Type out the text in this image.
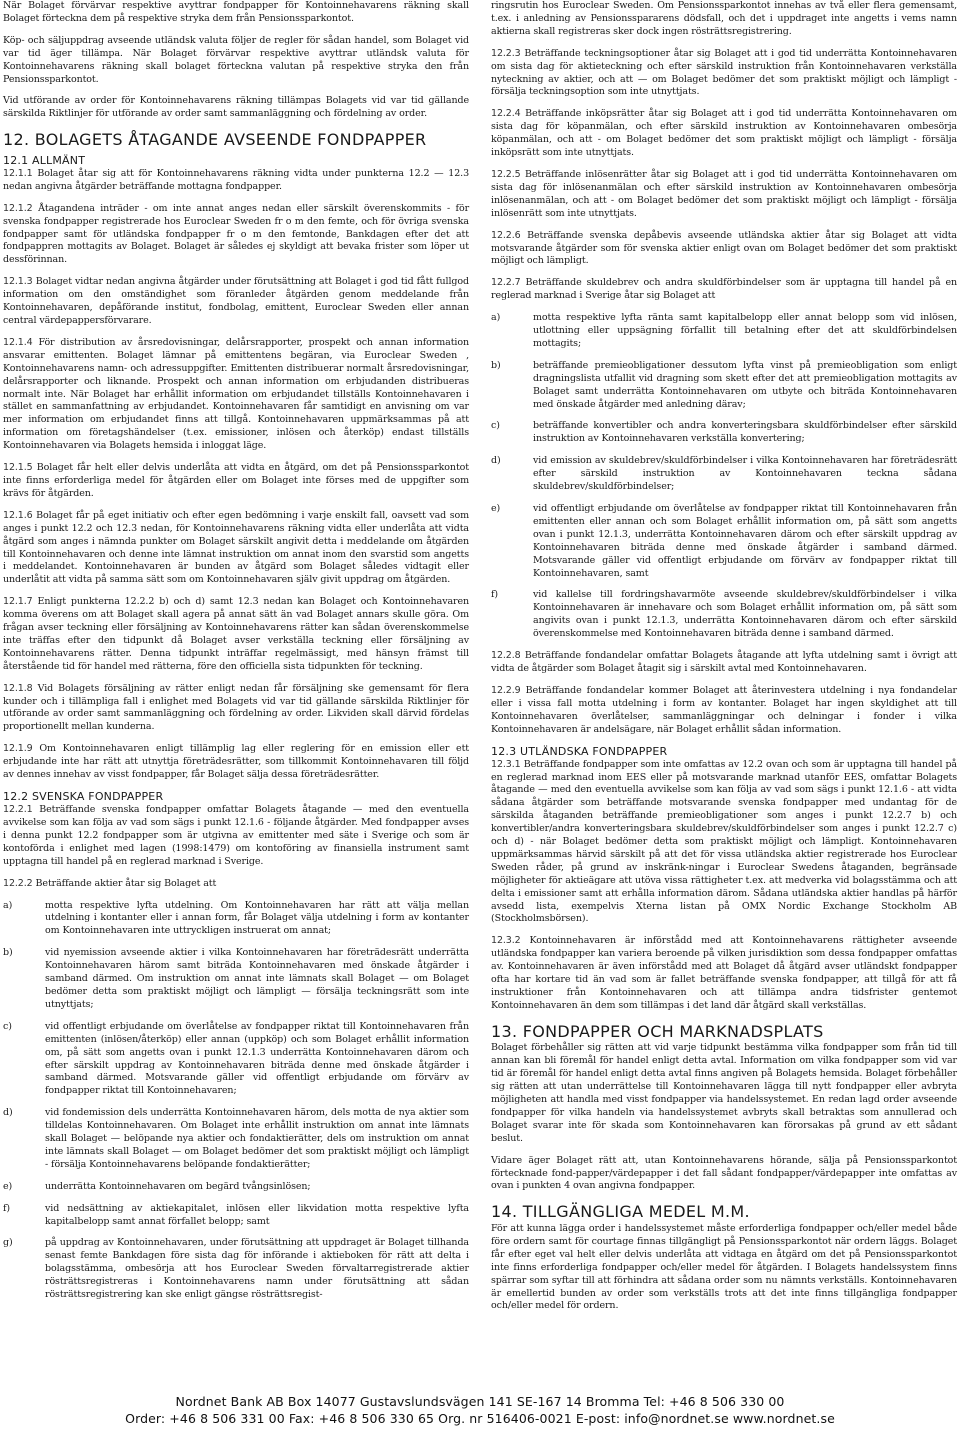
När Bolaget förvärvar respektive avyttrar fondpapper för Kontoinnehavarens räkning skall Bolaget förteckna dem på respektive stryka dem från Pensionssparkontot.

Köp- och säljuppdrag avseende utländsk valuta följer de regler för sådan handel, som Bolaget vid var tid äger tillämpa. När Bolaget förvärvar respektive avyttrar utländsk valuta för Kontoinnehavarens räkning skall bolaget förteckna valutan på respektive stryka den från Pensionssparkontot.

Vid utförande av order för Kontoinnehavarens räkning tillämpas Bolagets vid var tid gällande särskilda Riktlinjer för utförande av order samt sammanläggning och fördelning av order.

12. BOLAGETS ÅTAGANDE AVSEENDE FONDPAPPER
12.1 ALLMÄNT

12.1.1 Bolaget åtar sig att för Kontoinnehavarens räkning vidta under punkterna 12.2 — 12.3 nedan angivna åtgärder beträffande mottagna fondpapper.

12.1.2 Åtagandena inträder - om inte annat anges nedan eller särskilt överenskommits - för svenska fondpapper registrerade hos Euroclear Sweden fr o m den femte, och för övriga svenska fondpapper samt för utländska fondpapper fr o m den femtonde, Bankdagen efter det att fondpappren mottagits av Bolaget. Bolaget är således ej skyldigt att bevaka frister som löper ut dessförinnan.

12.1.3 Bolaget vidtar nedan angivna åtgärder under förutsättning att Bolaget i god tid fått fullgod information om den omständighet som föranleder åtgärden genom meddelande från Kontoinnehavaren, depåförande institut, fondbolag, emittent, Euroclear Sweden eller annan central värdepappersförvarare.

12.1.4 För distribution av årsredovisningar, delårsrapporter, prospekt och annan information ansvarar emittenten. Bolaget lämnar på emittentens begäran, via Euroclear Sweden , Kontoinnehavarens namn- och adressuppgifter. Emittenten distribuerar normalt årsredovisningar, delårsrapporter och liknande. Prospekt och annan information om erbjudanden distribueras normalt inte. När Bolaget har erhållit information om erbjudandet tillställs Kontoinnehavaren i stället en sammanfattning av erbjudandet. Kontoinnehavaren får samtidigt en anvisning om var mer information om erbjudandet finns att tillgå. Kontoinnehavaren uppmärksammas på att information om företagshändelser (t.ex. emissioner, inlösen och återköp) endast tillställs Kontoinnehavaren via Bolagets hemsida i inloggat läge.

12.1.5 Bolaget får helt eller delvis underlåta att vidta en åtgärd, om det på Pensionssparkontot inte finns erforderliga medel för åtgärden eller om Bolaget inte förses med de uppgifter som krävs för åtgärden.

12.1.6 Bolaget får på eget initiativ och efter egen bedömning i varje enskilt fall, oavsett vad som anges i punkt 12.2 och 12.3 nedan, för Kontoinnehavarens räkning vidta eller underlåta att vidta åtgärd som anges i nämnda punkter om Bolaget särskilt angivit detta i meddelande om åtgärden till Kontoinnehavaren och denne inte lämnat instruktion om annat inom den svarstid som angetts i meddelandet. Kontoinnehavaren är bunden av åtgärd som Bolaget således vidtagit eller underlåtit att vidta på samma sätt som om Kontoinnehavaren själv givit uppdrag om åtgärden.

12.1.7 Enligt punkterna 12.2.2 b) och d) samt 12.3 nedan kan Bolaget och Kontoinnehavaren komma överens om att Bolaget skall agera på annat sätt än vad Bolaget annars skulle göra. Om frågan avser teckning eller försäljning av Kontoinnehavarens rätter kan sådan överenskommelse inte träffas efter den tidpunkt då Bolaget avser verkställa teckning eller försäljning av Kontoinnehavarens rätter. Denna tidpunkt inträffar regelmässigt, med hänsyn främst till återstående tid för handel med rätterna, före den officiella sista tidpunkten för teckning.

12.1.8 Vid Bolagets försäljning av rätter enligt nedan får försäljning ske gemensamt för flera kunder och i tillämpliga fall i enlighet med Bolagets vid var tid gällande särskilda Riktlinjer för utförande av order samt sammanläggning och fördelning av order. Likviden skall därvid fördelas proportionellt mellan kunderna.

12.1.9 Om Kontoinnehavaren enligt tillämplig lag eller reglering för en emission eller ett erbjudande inte har rätt att utnyttja företrädesrätter, som tillkommit Kontoinnehavaren till följd av dennes innehav av visst fondpapper, får Bolaget sälja dessa företrädesrätter.

12.2 SVENSKA FONDPAPPER

12.2.1 Beträffande svenska fondpapper omfattar Bolagets åtagande — med den eventuella avvikelse som kan följa av vad som sägs i punkt 12.1.6 - följande åtgärder. Med fondpapper avses i denna punkt 12.2 fondpapper som är utgivna av emittenter med säte i Sverige och som är kontoförda i enlighet med lagen (1998:1479) om kontoföring av finansiella instrument samt upptagna till handel på en reglerad marknad i Sverige.

12.2.2 Beträffande aktier åtar sig Bolaget att

a)	motta respektive lyfta utdelning. Om Kontoinnehavaren har rätt att välja mellan utdelning i kontanter eller i annan form, får Bolaget välja utdelning i form av kontanter om Kontoinnehavaren inte uttryckligen instruerat om annat;
b)	vid nyemission avseende aktier i vilka Kontoinnehavaren har företrädesrätt underrätta Kontoinnehavaren härom samt biträda Kontoinnehavaren med önskade åtgärder i samband därmed. Om instruktion om annat inte lämnats skall Bolaget — om Bolaget bedömer detta som praktiskt möjligt och lämpligt — försälja teckningsrätt som inte utnyttjats;
c)	vid offentligt erbjudande om överlåtelse av fondpapper riktat till Kontoinnehavaren från emittenten (inlösen/återköp) eller annan (uppköp) och som Bolaget erhållit information om, på sätt som angetts ovan i punkt 12.1.3 underrätta Kontoinnehavaren därom och efter särskilt uppdrag av Kontoinnehavaren biträda denne med önskade åtgärder i samband därmed. Motsvarande gäller vid offentligt erbjudande om förvärv av fondpapper riktat till Kontoinnehavaren;
d)	vid fondemission dels underrätta Kontoinnehavaren härom, dels motta de nya aktier som tilldelas Kontoinnehavaren. Om Bolaget inte erhållit instruktion om annat inte lämnats skall Bolaget — belöpande nya aktier och fondaktierätter, dels om instruktion om annat inte lämnats skall Bolaget — om Bolaget bedömer det som praktiskt möjligt och lämpligt - försälja Kontoinnehavarens belöpande fondaktierätter;
e)	underrätta Kontoinnehavaren om begärd tvångsinlösen;
f)	vid nedsättning av aktiekapitalet, inlösen eller likvidation motta respektive lyfta kapitalbelopp samt annat förfallet belopp; samt
g)	på uppdrag av Kontoinnehavaren, under förutsättning att uppdraget är Bolaget tillhanda senast femte Bankdagen före sista dag för införande i aktieboken för rätt att delta i bolagsstämma, ombesörja att hos Euroclear Sweden förvaltarregistrerade aktier rösträttsregistreras i Kontoinnehavarens namn under förutsättning att sådan rösträttsregistrering kan ske enligt gängse rösträttsregist-

ringsrutin hos Euroclear Sweden. Om Pensionssparkontot innehas av två eller flera gemensamt, t.ex. i anledning av Pensionsspararens dödsfall, och det i uppdraget inte angetts i vems namn aktierna skall registreras sker dock ingen rösträttsregistrering.

12.2.3 Beträffande teckningsoptioner åtar sig Bolaget att i god tid underrätta Kontoinnehavaren om sista dag för aktieteckning och efter särskild instruktion från Kontoinnehavaren verkställa nyteckning av aktier, och att — om Bolaget bedömer det som praktiskt möjligt och lämpligt - försälja teckningsoption som inte utnyttjats.

12.2.4 Beträffande inköpsrätter åtar sig Bolaget att i god tid underrätta Kontoinnehavaren om sista dag för köpanmälan, och efter särskild instruktion av Kontoinnehavaren ombesörja köpanmälan, och att - om Bolaget bedömer det som praktiskt möjligt och lämpligt - försälja inköpsrätt som inte utnyttjats.

12.2.5 Beträffande inlösenrätter åtar sig Bolaget att i god tid underrätta Kontoinnehavaren om sista dag för inlösenanmälan och efter särskild instruktion av Kontoinnehavaren ombesörja inlösenanmälan, och att - om Bolaget bedömer det som praktiskt möjligt och lämpligt - försälja inlösenrätt som inte utnyttjats.

12.2.6 Beträffande svenska depåbevis avseende utländska aktier åtar sig Bolaget att vidta motsvarande åtgärder som för svenska aktier enligt ovan om Bolaget bedömer det som praktiskt möjligt och lämpligt.

12.2.7 Beträffande skuldebrev och andra skuldförbindelser som är upptagna till handel på en reglerad marknad i Sverige åtar sig Bolaget att

a)	motta respektive lyfta ränta samt kapitalbelopp eller annat belopp som vid inlösen, utlottning eller uppsägning förfallit till betalning efter det att skuldförbindelsen mottagits;
b)	beträffande premieobligationer dessutom lyfta vinst på premieobligation som enligt dragningslista utfallit vid dragning som skett efter det att premieobligation mottagits av Bolaget samt underrätta Kontoinnehavaren om utbyte och biträda Kontoinnehavaren med önskade åtgärder med anledning därav;
c)	beträffande konvertibler och andra konverteringsbara skuldförbindelser efter särskild instruktion av Kontoinnehavaren verkställa konvertering;
d)	vid emission av skuldebrev/skuldförbindelser i vilka Kontoinnehavaren har företrädesrätt efter särskild instruktion av Kontoinnehavaren teckna sådana skuldebrev/skuldförbindelser;
e)	vid offentligt erbjudande om överlåtelse av fondpapper riktat till Kontoinnehavaren från emittenten eller annan och som Bolaget erhållit information om, på sätt som angetts ovan i punkt 12.1.3, underrätta Kontoinnehavaren därom och efter särskilt uppdrag av Kontoinnehavaren biträda denne med önskade åtgärder i samband därmed. Motsvarande gäller vid offentligt erbjudande om förvärv av fondpapper riktat till Kontoinnehavaren, samt
f)	vid kallelse till fordringshavarmöte avseende skuldebrev/skuldförbindelser i vilka Kontoinnehavaren är innehavare och som Bolaget erhållit information om, på sätt som angivits ovan i punkt 12.1.3, underrätta Kontoinnehavaren därom och efter särskild överenskommelse med Kontoinnehavaren biträda denne i samband därmed.

12.2.8 Beträffande fondandelar omfattar Bolagets åtagande att lyfta utdelning samt i övrigt att vidta de åtgärder som Bolaget åtagit sig i särskilt avtal med Kontoinnehavaren.

12.2.9 Beträffande fondandelar kommer Bolaget att återinvestera utdelning i nya fondandelar eller i vissa fall motta utdelning i form av kontanter. Bolaget har ingen skyldighet att till Kontoinnehavaren överlåtelser, sammanläggningar och delningar i fonder i vilka Kontoinnehavaren är andelsägare, när Bolaget erhållit sådan information.

12.3 UTLÄNDSKA FONDPAPPER

12.3.1 Beträffande fondpapper som inte omfattas av 12.2 ovan och som är upptagna till handel på en reglerad marknad inom EES eller på motsvarande marknad utanför EES, omfattar Bolagets åtagande — med den eventuella avvikelse som kan följa av vad som sägs i punkt 12.1.6 - att vidta sådana åtgärder som beträffande motsvarande svenska fondpapper med undantag för de särskilda åtaganden beträffande premieobligationer som anges i punkt 12.2.7 b) och konvertibler/andra konverteringsbara skuldebrev/skuldförbindelser som anges i punkt 12.2.7 c) och d) - när Bolaget bedömer detta som praktiskt möjligt och lämpligt. Kontoinnehavaren uppmärksammas härvid särskilt på att det för vissa utländska aktier registrerade hos Euroclear Sweden råder, på grund av inskränk-ningar i Euroclear Swedens åtaganden, begränsade möjligheter för aktieägare att utöva vissa rättigheter t.ex. att medverka vid bolagsstämma och att delta i emissioner samt att erhålla information därom. Sådana utländska aktier handlas på härför avsedd lista, exempelvis Xterna listan på OMX Nordic Exchange Stockholm AB (Stockholmsbörsen).

12.3.2 Kontoinnehavaren är införstådd med att Kontoinnehavarens rättigheter avseende utländska fondpapper kan variera beroende på vilken jurisdiktion som dessa fondpapper omfattas av. Kontoinnehavaren är även införstådd med att Bolaget då åtgärd avser utländskt fondpapper ofta har kortare tid än vad som är fallet beträffande svenska fondpapper, att tillgå för att få instruktioner från Kontoinnehavaren och att tillämpa andra tidsfrister gentemot Kontoinnehavaren än dem som tillämpas i det land där åtgärd skall verkställas.

13. FONDPAPPER OCH MARKNADSPLATS

Bolaget förbehåller sig rätten att vid varje tidpunkt bestämma vilka fondpapper som från tid till annan kan bli föremål för handel enligt detta avtal. Information om vilka fondpapper som vid var tid är föremål för handel enligt detta avtal finns angiven på Bolagets hemsida. Bolaget förbehåller sig rätten att utan underrättelse till Kontoinnehavaren lägga till nytt fondpapper eller avbryta möjligheten att handla med visst fondpapper via handelssystemet. En redan lagd order avseende fondpapper för vilka handeln via handelssystemet avbryts skall betraktas som annullerad och Bolaget svarar inte för skada som Kontoinnehavaren kan förorsakas på grund av ett sådant beslut.

Vidare äger Bolaget rätt att, utan Kontoinnehavarens hörande, sälja på Pensionssparkontot förtecknade fond-papper/värdepapper i det fall sådant fondpapper/värdepapper inte omfattas av ovan i punkten 4 ovan angivna fondpapper.

14. TILLGÄNGLIGA MEDEL M.M.

För att kunna lägga order i handelssystemet måste erforderliga fondpapper och/eller medel både före ordern samt för courtage finnas tillgängligt på Pensionssparkontot när ordern läggs. Bolaget får efter eget val helt eller delvis underlåta att vidtaga en åtgärd om det på Pensionssparkontot inte finns erforderliga fondpapper och/eller medel för åtgärden. I Bolagets handelssystem finns spärrar som syftar till att förhindra att sådana order som nu nämnts verkställs. Kontoinnehavaren är emellertid bunden av order som verkställs trots att det inte finns tillgängliga fondpapper och/eller medel för ordern.

Nordnet Bank AB Box 14077 Gustavslundsvägen 141 SE-167 14 Bromma Tel: +46 8 506 330 00
Order: +46 8 506 331 00 Fax: +46 8 506 330 65 Org. nr 516406-0021 E-post: info@nordnet.se www.nordnet.se
